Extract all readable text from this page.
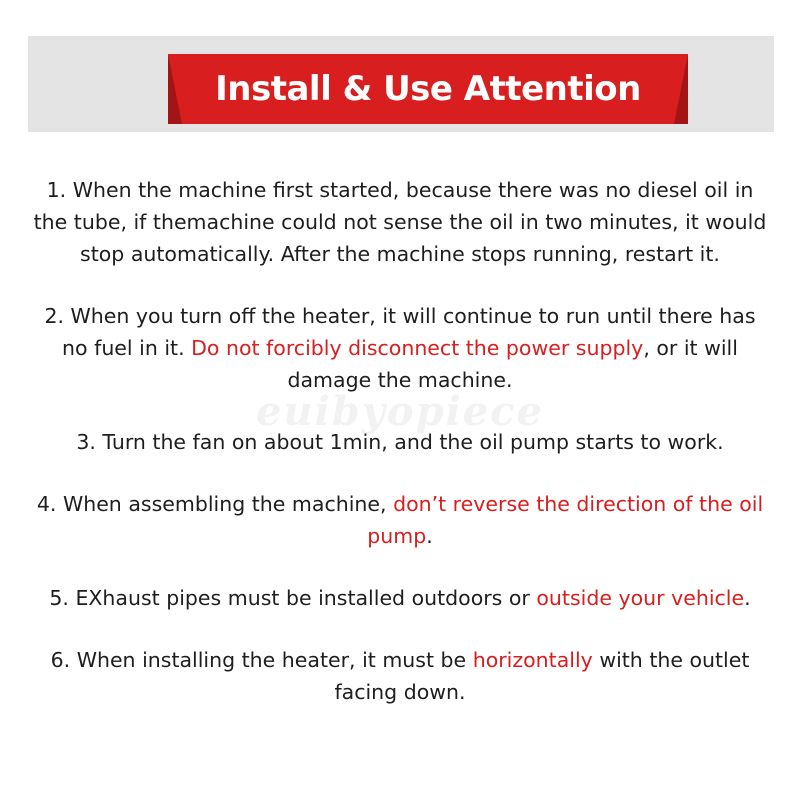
Install & Use Attention
euibyopiece

1. When the machine first started, because there was no diesel oil in the tube, if themachine could not sense the oil in two minutes, it would stop automatically. After the machine stops running, restart it.

2. When you turn off the heater, it will continue to run until there has no fuel in it. Do not forcibly disconnect the power supply, or it will damage the machine.

3. Turn the fan on about 1min, and the oil pump starts to work.

4. When assembling the machine, don’t reverse the direction of the oil pump.

5. EXhaust pipes must be installed outdoors or outside your vehicle.

6. When installing the heater, it must be horizontally with the outlet facing down.
